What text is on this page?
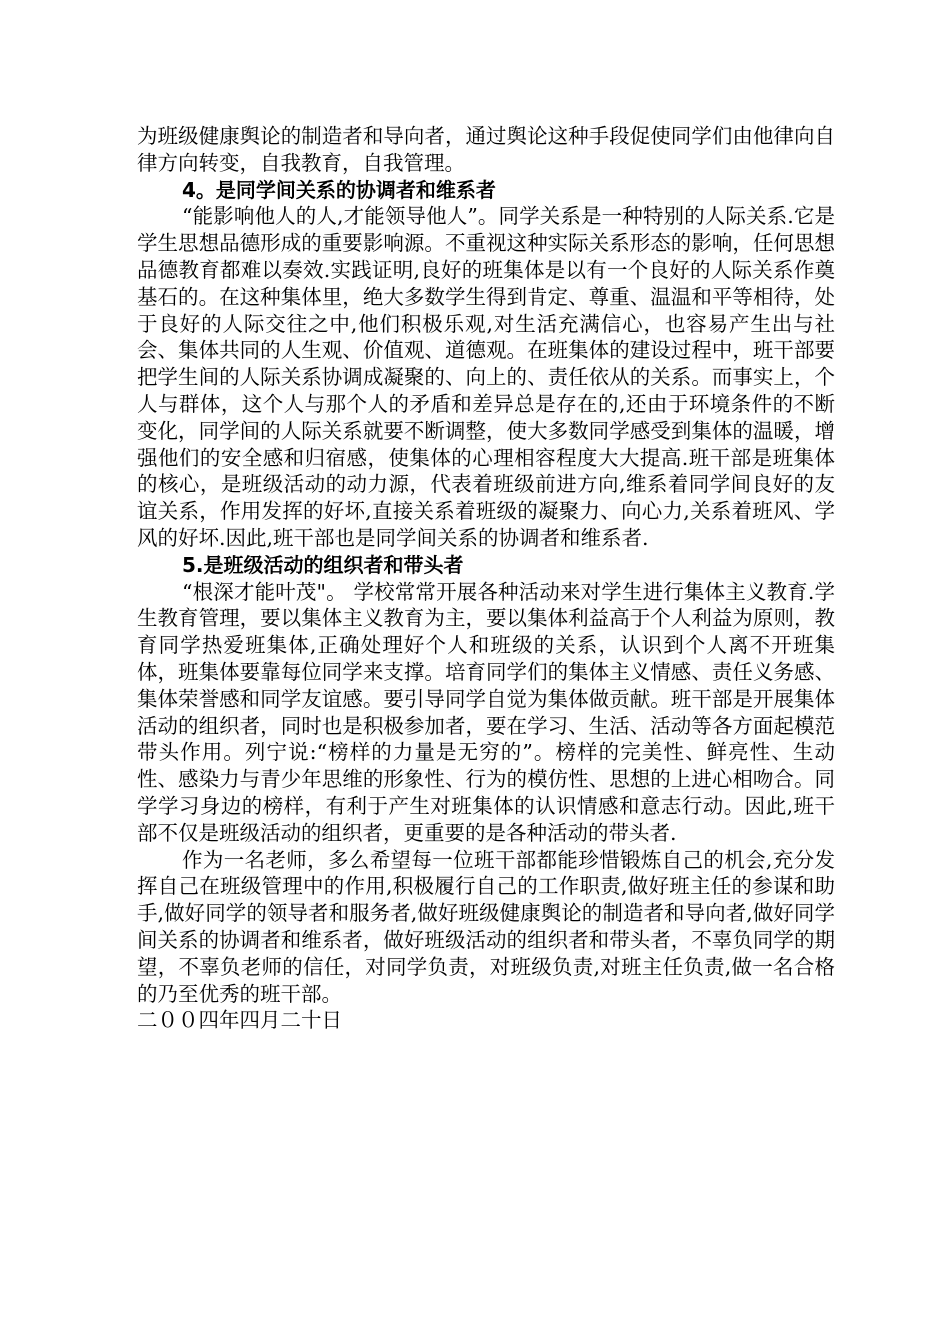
为班级健康舆论的制造者和导向者，通过舆论这种手段促使同学们由他律向自律方向转变，自我教育，自我管理。

4。是同学间关系的协调者和维系者

“能影响他人的人,才能领导他人”。同学关系是一种特别的人际关系.它是学生思想品德形成的重要影响源。不重视这种实际关系形态的影响，任何思想品德教育都难以奏效.实践证明,良好的班集体是以有一个良好的人际关系作奠基石的。在这种集体里，绝大多数学生得到肯定、尊重、温温和平等相待，处于良好的人际交往之中,他们积极乐观,对生活充满信心，也容易产生出与社会、集体共同的人生观、价值观、道德观。在班集体的建设过程中，班干部要把学生间的人际关系协调成凝聚的、向上的、责任依从的关系。而事实上，个人与群体，这个人与那个人的矛盾和差异总是存在的,还由于环境条件的不断变化，同学间的人际关系就要不断调整，使大多数同学感受到集体的温暖，增强他们的安全感和归宿感，使集体的心理相容程度大大提高.班干部是班集体的核心，是班级活动的动力源，代表着班级前进方向,维系着同学间良好的友谊关系，作用发挥的好坏,直接关系着班级的凝聚力、向心力,关系着班风、学风的好坏.因此,班干部也是同学间关系的协调者和维系者.

5.是班级活动的组织者和带头者

“根深才能叶茂"。 学校常常开展各种活动来对学生进行集体主义教育.学生教育管理，要以集体主义教育为主，要以集体利益高于个人利益为原则，教育同学热爱班集体,正确处理好个人和班级的关系，认识到个人离不开班集体，班集体要靠每位同学来支撑。培育同学们的集体主义情感、责任义务感、集体荣誉感和同学友谊感。要引导同学自觉为集体做贡献。班干部是开展集体活动的组织者，同时也是积极参加者，要在学习、生活、活动等各方面起模范带头作用。列宁说:“榜样的力量是无穷的”。榜样的完美性、鲜亮性、生动性、感染力与青少年思维的形象性、行为的模仿性、思想的上进心相吻合。同学学习身边的榜样，有利于产生对班集体的认识情感和意志行动。因此,班干部不仅是班级活动的组织者，更重要的是各种活动的带头者.

作为一名老师，多么希望每一位班干部都能珍惜锻炼自己的机会,充分发挥自己在班级管理中的作用,积极履行自己的工作职责,做好班主任的参谋和助手,做好同学的领导者和服务者,做好班级健康舆论的制造者和导向者,做好同学间关系的协调者和维系者，做好班级活动的组织者和带头者，不辜负同学的期望，不辜负老师的信任，对同学负责，对班级负责,对班主任负责,做一名合格的乃至优秀的班干部。

二００四年四月二十日
